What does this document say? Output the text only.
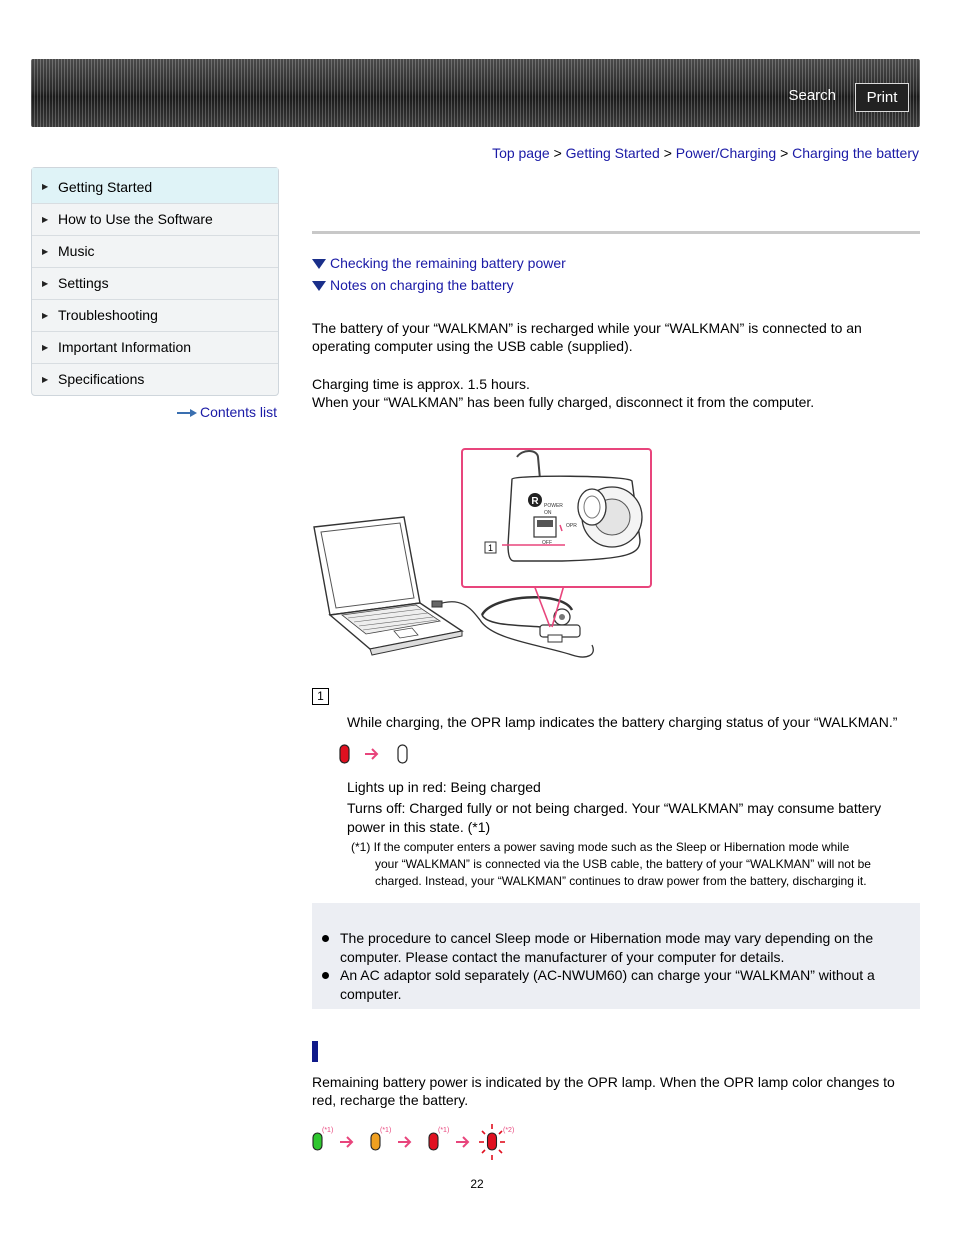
Search	Print
Top page > Getting Started > Power/Charging > Charging the battery
▶ Getting Started
▶ How to Use the Software
▶ Music
▶ Settings
▶ Troubleshooting
▶ Important Information
▶ Specifications
Contents list
Checking the remaining battery power
Notes on charging the battery
The battery of your “WALKMAN” is recharged while your “WALKMAN” is connected to an operating computer using the USB cable (supplied).
Charging time is approx. 1.5 hours.
When your “WALKMAN” has been fully charged, disconnect it from the computer.
R POWER
ON
OFF
OPR
1
1
While charging, the OPR lamp indicates the battery charging status of your “WALKMAN.”
Lights up in red: Being charged
Turns off: Charged fully or not being charged. Your “WALKMAN” may consume battery power in this state. (*1)
(*1) If the computer enters a power saving mode such as the Sleep or Hibernation mode while
your “WALKMAN” is connected via the USB cable, the battery of your “WALKMAN” will not be
charged. Instead, your “WALKMAN” continues to draw power from the battery, discharging it.
The procedure to cancel Sleep mode or Hibernation mode may vary depending on the computer. Please contact the manufacturer of your computer for details.
An AC adaptor sold separately (AC-NWUM60) can charge your “WALKMAN” without a computer.
Remaining battery power is indicated by the OPR lamp. When the OPR lamp color changes to red, recharge the battery.
(*1)	(*1)	(*1)	(*2)
22
